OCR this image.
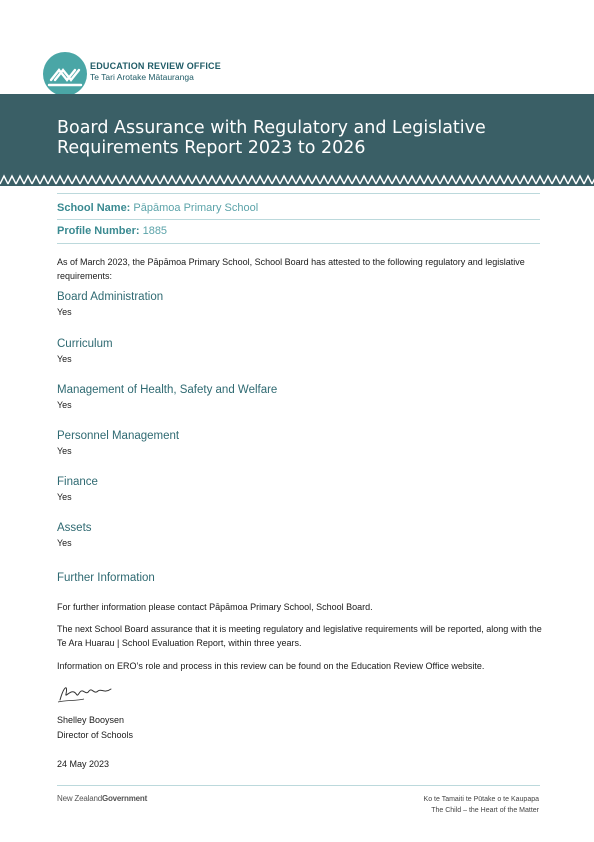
EDUCATION REVIEW OFFICE
Te Tari Arotake Mātauranga
Board Assurance with Regulatory and Legislative Requirements Report 2023 to 2026
School Name: Pāpāmoa Primary School
Profile Number: 1885
As of March 2023, the Pāpāmoa Primary School, School Board has attested to the following regulatory and legislative requirements:
Board Administration
Yes
Curriculum
Yes
Management of Health, Safety and Welfare
Yes
Personnel Management
Yes
Finance
Yes
Assets
Yes
Further Information
For further information please contact Pāpāmoa Primary School, School Board.
The next School Board assurance that it is meeting regulatory and legislative requirements will be reported, along with the Te Ara Huarau | School Evaluation Report, within three years.
Information on ERO’s role and process in this review can be found on the Education Review Office website.
Shelley Booysen
Director of Schools
24 May 2023
New ZealandGovernment	Ko te Tamaiti te Pūtake o te Kaupapa
The Child – the Heart of the Matter
